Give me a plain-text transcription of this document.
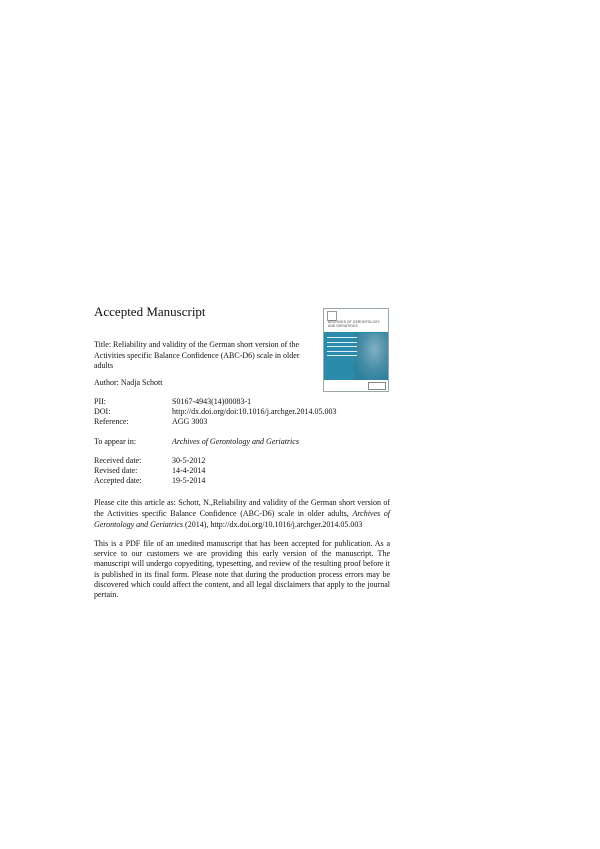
Accepted Manuscript
Title: Reliability and validity of the German short version of the Activities specific Balance Confidence (ABC-D6) scale in older adults
Author: Nadja Schott
ARCHIVES OF GERONTOLOGY AND GERIATRICS
PII:	S0167-4943(14)00083-1
DOI:	http://dx.doi.org/doi:10.1016/j.archger.2014.05.003
Reference:	AGG 3003
To appear in:	Archives of Gerontology and Geriatrics
Received date:	30-5-2012
Revised date:	14-4-2014
Accepted date:	19-5-2014
Please cite this article as: Schott, N.,Reliability and validity of the German short version of the Activities specific Balance Confidence (ABC-D6) scale in older adults, Archives of Gerontology and Geriatrics (2014), http://dx.doi.org/10.1016/j.archger.2014.05.003
This is a PDF file of an unedited manuscript that has been accepted for publication. As a service to our customers we are providing this early version of the manuscript. The manuscript will undergo copyediting, typesetting, and review of the resulting proof before it is published in its final form. Please note that during the production process errors may be discovered which could affect the content, and all legal disclaimers that apply to the journal pertain.
